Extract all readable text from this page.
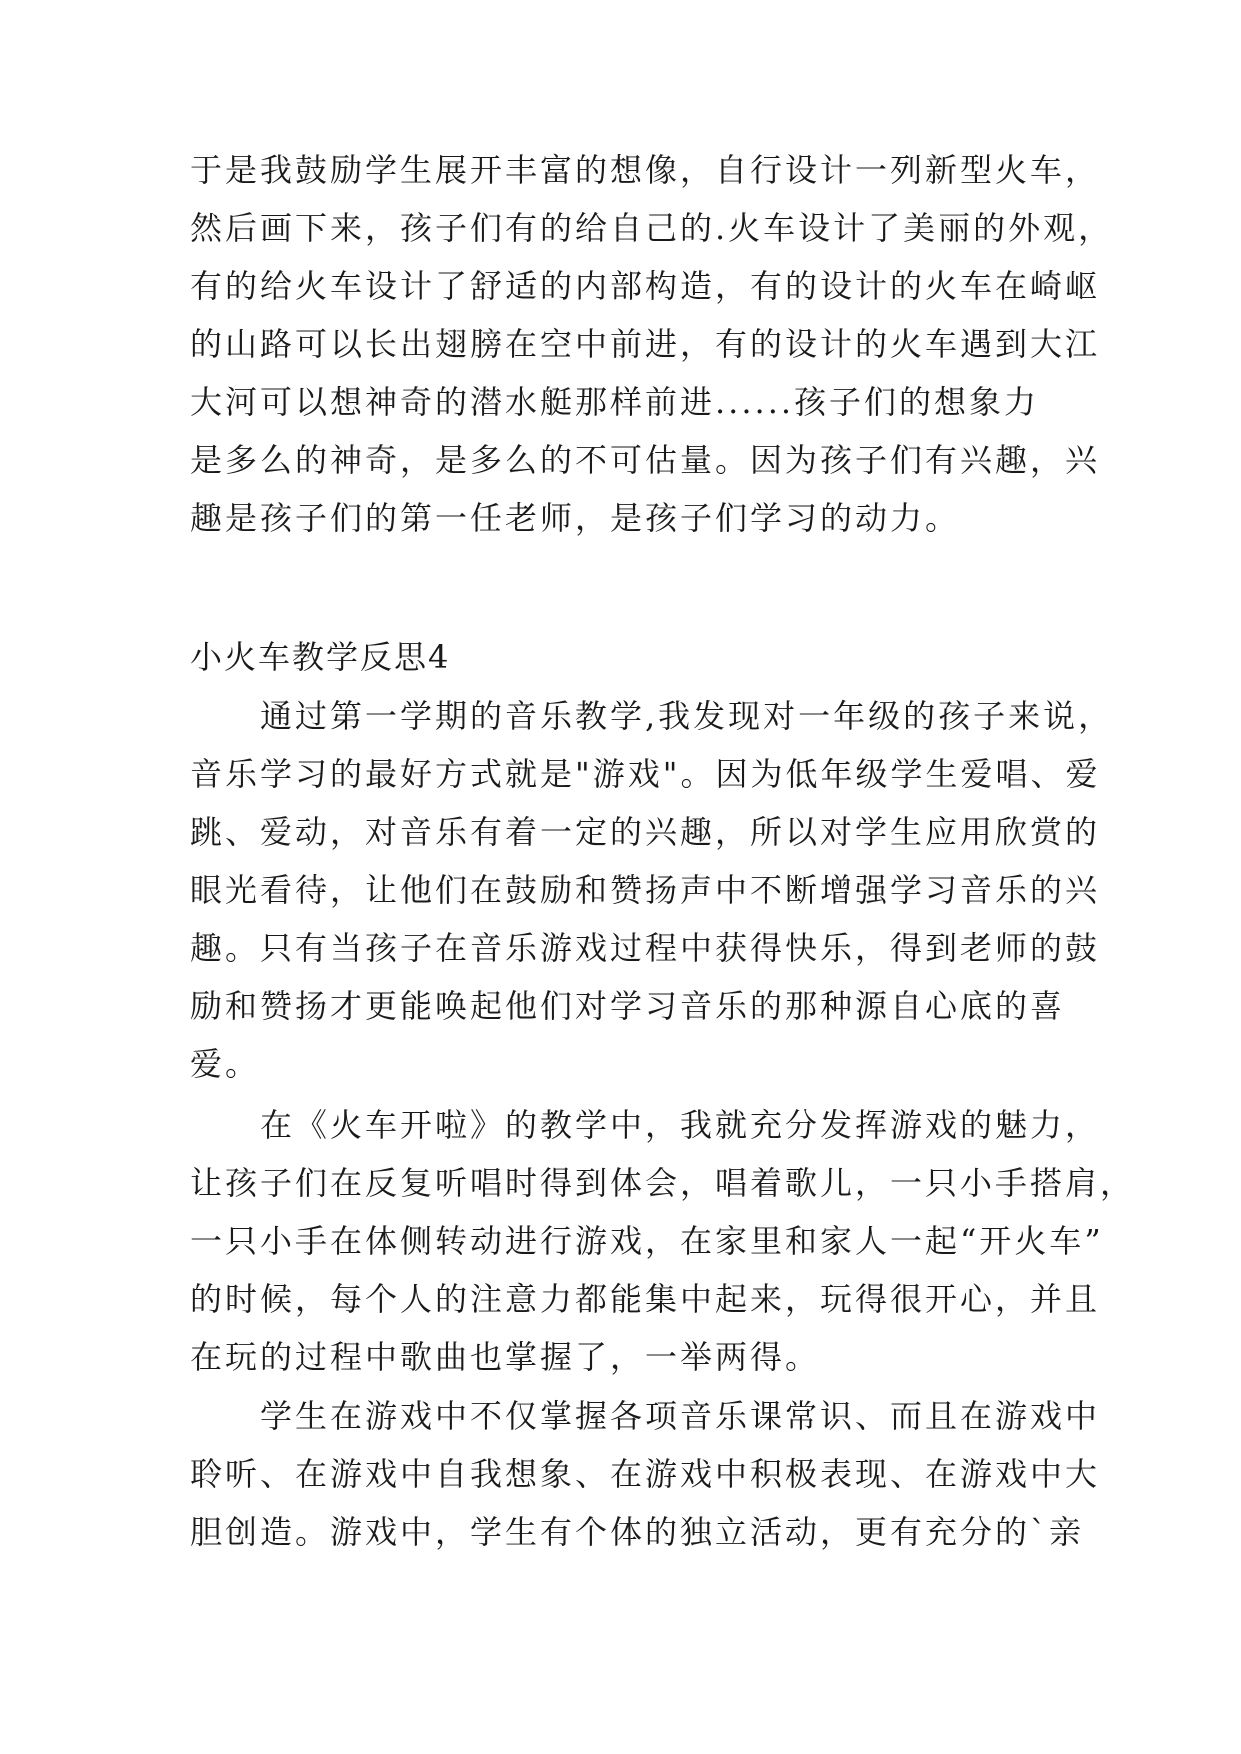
于是我鼓励学生展开丰富的想像，自行设计一列新型火车，
然后画下来，孩子们有的给自己的.火车设计了美丽的外观，
有的给火车设计了舒适的内部构造，有的设计的火车在崎岖
的山路可以长出翅膀在空中前进，有的设计的火车遇到大江
大河可以想神奇的潜水艇那样前进......孩子们的想象力
是多么的神奇，是多么的不可估量。因为孩子们有兴趣，兴
趣是孩子们的第一任老师，是孩子们学习的动力。
小火车教学反思4
　　通过第一学期的音乐教学,我发现对一年级的孩子来说，
音乐学习的最好方式就是"游戏"。因为低年级学生爱唱、爱
跳、爱动，对音乐有着一定的兴趣，所以对学生应用欣赏的
眼光看待，让他们在鼓励和赞扬声中不断增强学习音乐的兴
趣。只有当孩子在音乐游戏过程中获得快乐，得到老师的鼓
励和赞扬才更能唤起他们对学习音乐的那种源自心底的喜
爱。
　　在《火车开啦》的教学中，我就充分发挥游戏的魅力，
让孩子们在反复听唱时得到体会，唱着歌儿，一只小手搭肩，
一只小手在体侧转动进行游戏，在家里和家人一起“开火车”
的时候，每个人的注意力都能集中起来，玩得很开心，并且
在玩的过程中歌曲也掌握了，一举两得。
　　学生在游戏中不仅掌握各项音乐课常识、而且在游戏中
聆听、在游戏中自我想象、在游戏中积极表现、在游戏中大
胆创造。游戏中，学生有个体的独立活动，更有充分的`亲
